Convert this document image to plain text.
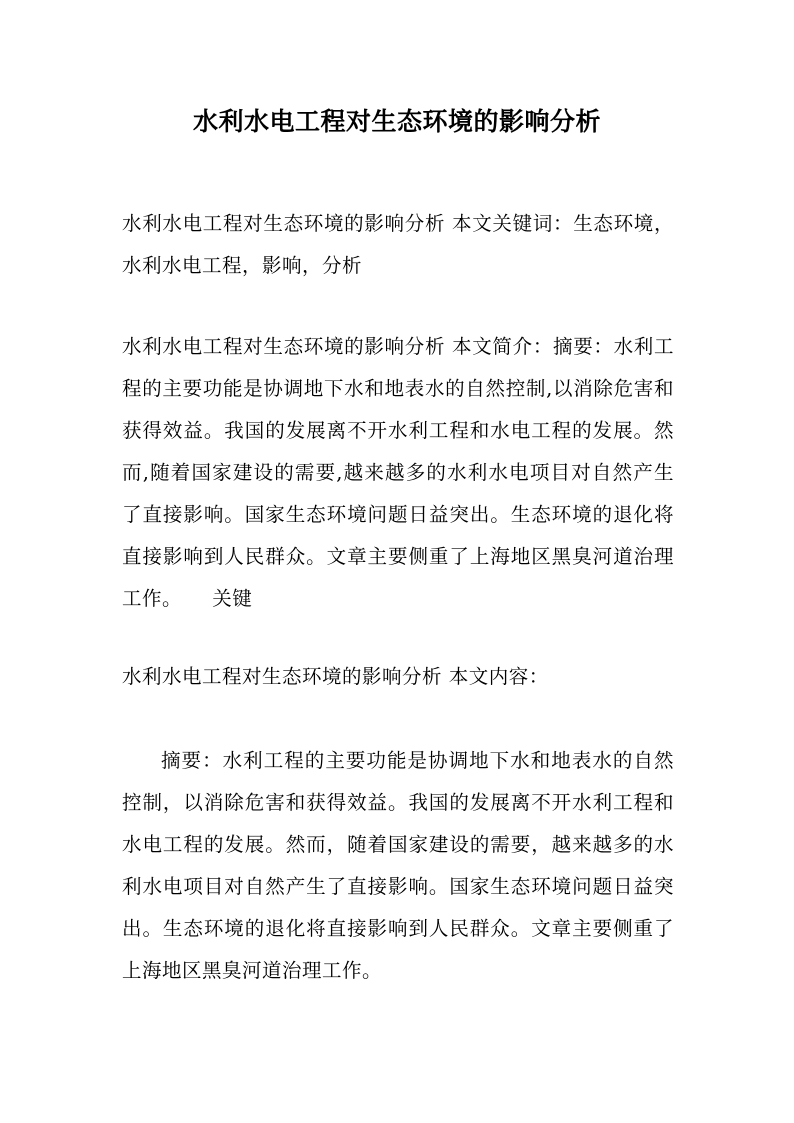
水利水电工程对生态环境的影响分析

水利水电工程对生态环境的影响分析 本文关键词：生态环境，水利水电工程，影响，分析

水利水电工程对生态环境的影响分析 本文简介：摘要：水利工程的主要功能是协调地下水和地表水的自然控制,以消除危害和获得效益。我国的发展离不开水利工程和水电工程的发展。然而,随着国家建设的需要,越来越多的水利水电项目对自然产生了直接影响。国家生态环境问题日益突出。生态环境的退化将直接影响到人民群众。文章主要侧重了上海地区黑臭河道治理工作。　　关键

水利水电工程对生态环境的影响分析 本文内容：

摘要：水利工程的主要功能是协调地下水和地表水的自然控制，以消除危害和获得效益。我国的发展离不开水利工程和水电工程的发展。然而，随着国家建设的需要，越来越多的水利水电项目对自然产生了直接影响。国家生态环境问题日益突出。生态环境的退化将直接影响到人民群众。文章主要侧重了上海地区黑臭河道治理工作。
